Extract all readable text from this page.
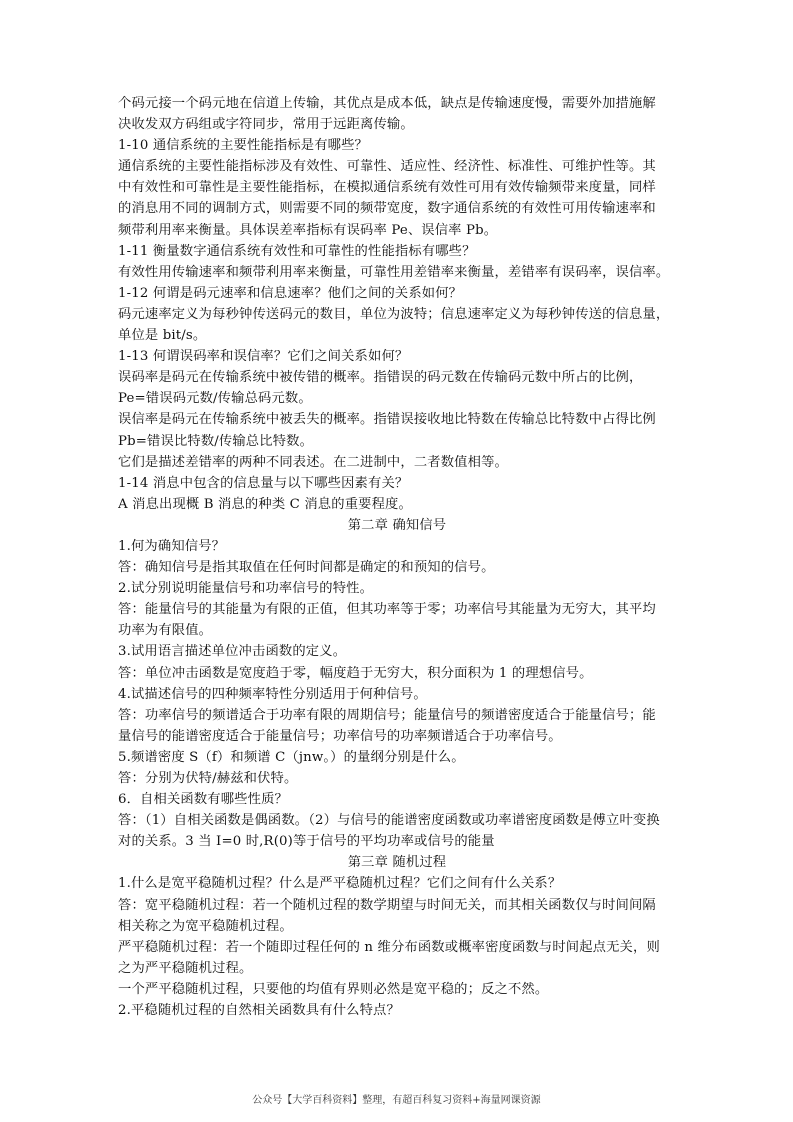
个码元接一个码元地在信道上传输，其优点是成本低，缺点是传输速度慢，需要外加措施解
决收发双方码组或字符同步，常用于远距离传输。
1-10 通信系统的主要性能指标是有哪些？
通信系统的主要性能指标涉及有效性、可靠性、适应性、经济性、标准性、可维护性等。其
中有效性和可靠性是主要性能指标，在模拟通信系统有效性可用有效传输频带来度量，同样
的消息用不同的调制方式，则需要不同的频带宽度，数字通信系统的有效性可用传输速率和
频带利用率来衡量。具体误差率指标有误码率 Pe、误信率 Pb。
1-11 衡量数字通信系统有效性和可靠性的性能指标有哪些？
有效性用传输速率和频带利用率来衡量，可靠性用差错率来衡量，差错率有误码率，误信率。
1-12 何谓是码元速率和信息速率？他们之间的关系如何？
码元速率定义为每秒钟传送码元的数目，单位为波特；信息速率定义为每秒钟传送的信息量，
单位是 bit/s。
1-13 何谓误码率和误信率？它们之间关系如何？
误码率是码元在传输系统中被传错的概率。指错误的码元数在传输码元数中所占的比例，
Pe=错误码元数/传输总码元数。
误信率是码元在传输系统中被丢失的概率。指错误接收地比特数在传输总比特数中占得比例
Pb=错误比特数/传输总比特数。
它们是描述差错率的两种不同表述。在二进制中，二者数值相等。
1-14 消息中包含的信息量与以下哪些因素有关？
A 消息出现概 B 消息的种类 C 消息的重要程度。
第二章 确知信号
1.何为确知信号？
答：确知信号是指其取值在任何时间都是确定的和预知的信号。
2.试分别说明能量信号和功率信号的特性。
答：能量信号的其能量为有限的正值，但其功率等于零；功率信号其能量为无穷大，其平均
功率为有限值。
3.试用语言描述单位冲击函数的定义。
答：单位冲击函数是宽度趋于零，幅度趋于无穷大，积分面积为 1 的理想信号。
4.试描述信号的四种频率特性分别适用于何种信号。
答：功率信号的频谱适合于功率有限的周期信号；能量信号的频谱密度适合于能量信号；能
量信号的能谱密度适合于能量信号；功率信号的功率频谱适合于功率信号。
5.频谱密度 S（f）和频谱 C（jnw。）的量纲分别是什么。
答：分别为伏特/赫兹和伏特。
6．自相关函数有哪些性质？
答：（1）自相关函数是偶函数。（2）与信号的能谱密度函数或功率谱密度函数是傅立叶变换
对的关系。3 当 I=0 时,R(0)等于信号的平均功率或信号的能量
第三章 随机过程
1.什么是宽平稳随机过程？什么是严平稳随机过程？它们之间有什么关系？
答：宽平稳随机过程：若一个随机过程的数学期望与时间无关，而其相关函数仅与时间间隔
相关称之为宽平稳随机过程。
严平稳随机过程：若一个随即过程任何的 n 维分布函数或概率密度函数与时间起点无关，则
之为严平稳随机过程。
一个严平稳随机过程，只要他的均值有界则必然是宽平稳的；反之不然。
2.平稳随机过程的自然相关函数具有什么特点？
公众号【大学百科资料】整理，有超百科复习资料+海量网课资源
